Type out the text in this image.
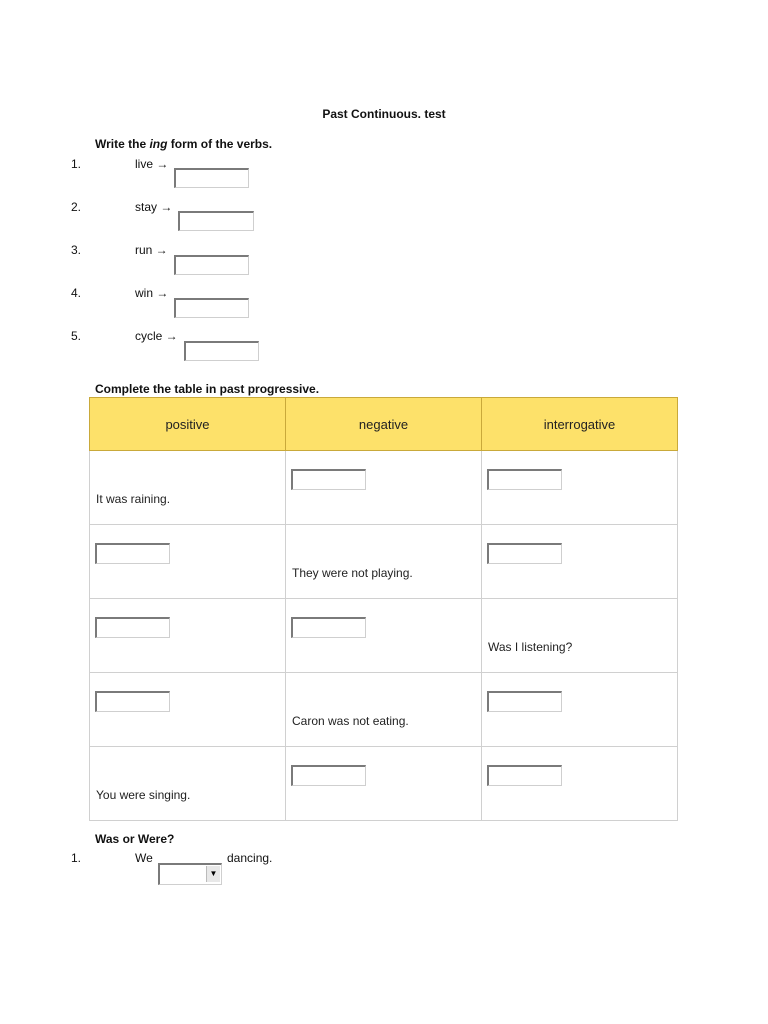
Past Continuous. test
Write the ing form of the verbs.
1.	live →
2.	stay →
3.	run →
4.	win →
5.	cycle →
Complete the table in past progressive.
positive	negative	interrogative

It was raining.		

	They were not playing.	

		Was I listening?

	Caron was not eating.	

You were singing.		

Was or Were?
1.	We
▼
dancing.
